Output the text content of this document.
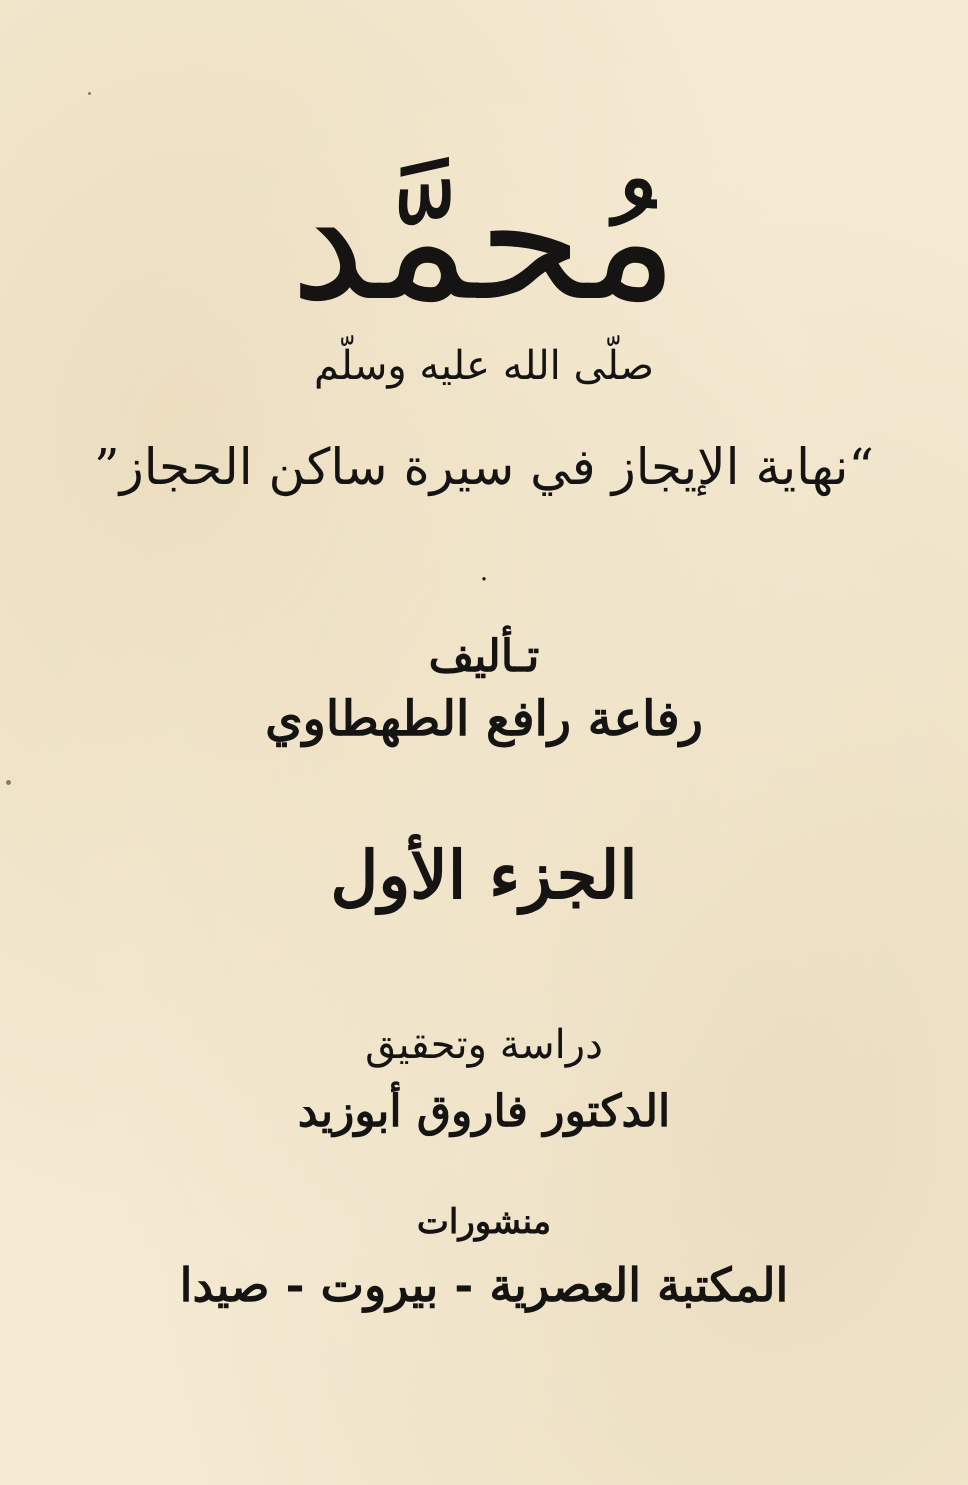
مُحمَّد
صلّى الله عليه وسلّم
“نهاية الإيجاز في سيرة ساكن الحجاز”
·
تـأليف
رفاعة رافع الطهطاوي
الجزء الأول
دراسة وتحقيق
الدكتور فاروق أبوزيد
منشورات
المكتبة العصرية - بيروت - صيدا
